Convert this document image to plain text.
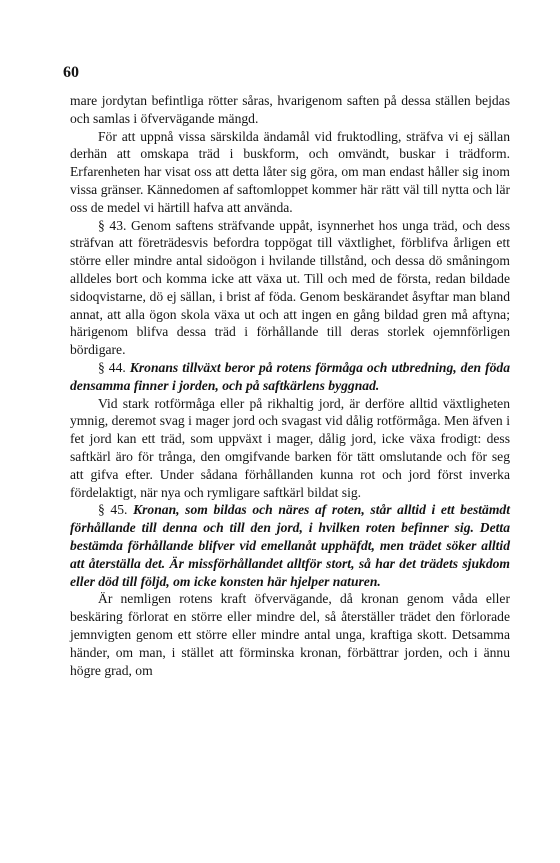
60

mare jordytan befintliga rötter såras, hvarigenom saften på dessa ställen bejdas och samlas i öfvervägande mängd.

För att uppnå vissa särskilda ändamål vid fruktodling, sträfva vi ej sällan derhän att omskapa träd i buskform, och omvändt, buskar i trädform. Erfarenheten har visat oss att detta låter sig göra, om man endast håller sig inom vissa gränser. Kännedomen af saftomloppet kommer här rätt väl till nytta och lär oss de medel vi härtill hafva att använda.

§ 43. Genom saftens sträfvande uppåt, isynnerhet hos unga träd, och dess sträfvan att företrädesvis befordra toppögat till växtlighet, förblifva årligen ett större eller mindre antal sidoögon i hvilande tillstånd, och dessa dö småningom alldeles bort och komma icke att växa ut. Till och med de första, redan bildade sidoqvistarne, dö ej sällan, i brist af föda. Genom beskärandet åsyftar man bland annat, att alla ögon skola växa ut och att ingen en gång bildad gren må aftyna; härigenom blifva dessa träd i förhållande till deras storlek ojemnförligen bördigare.

§ 44. Kronans tillväxt beror på rotens förmåga och utbredning, den föda densamma finner i jorden, och på saftkärlens byggnad.

Vid stark rotförmåga eller på rikhaltig jord, är derföre alltid växtligheten ymnig, deremot svag i mager jord och svagast vid dålig rotförmåga. Men äfven i fet jord kan ett träd, som uppväxt i mager, dålig jord, icke växa frodigt: dess saftkärl äro för trånga, den omgifvande barken för tätt omslutande och för seg att gifva efter. Under sådana förhållanden kunna rot och jord först inverka fördelaktigt, när nya och rymligare saftkärl bildat sig.

§ 45. Kronan, som bildas och näres af roten, står alltid i ett bestämdt förhållande till denna och till den jord, i hvilken roten befinner sig. Detta bestämda förhållande blifver vid emellanåt upphäfdt, men trädet söker alltid att återställa det. Är missförhållandet alltför stort, så har det trädets sjukdom eller död till följd, om icke konsten här hjelper naturen.

Är nemligen rotens kraft öfvervägande, då kronan genom våda eller beskäring förlorat en större eller mindre del, så återställer trädet den förlorade jemnvigten genom ett större eller mindre antal unga, kraftiga skott. Detsamma händer, om man, i stället att förminska kronan, förbättrar jorden, och i ännu högre grad, om
